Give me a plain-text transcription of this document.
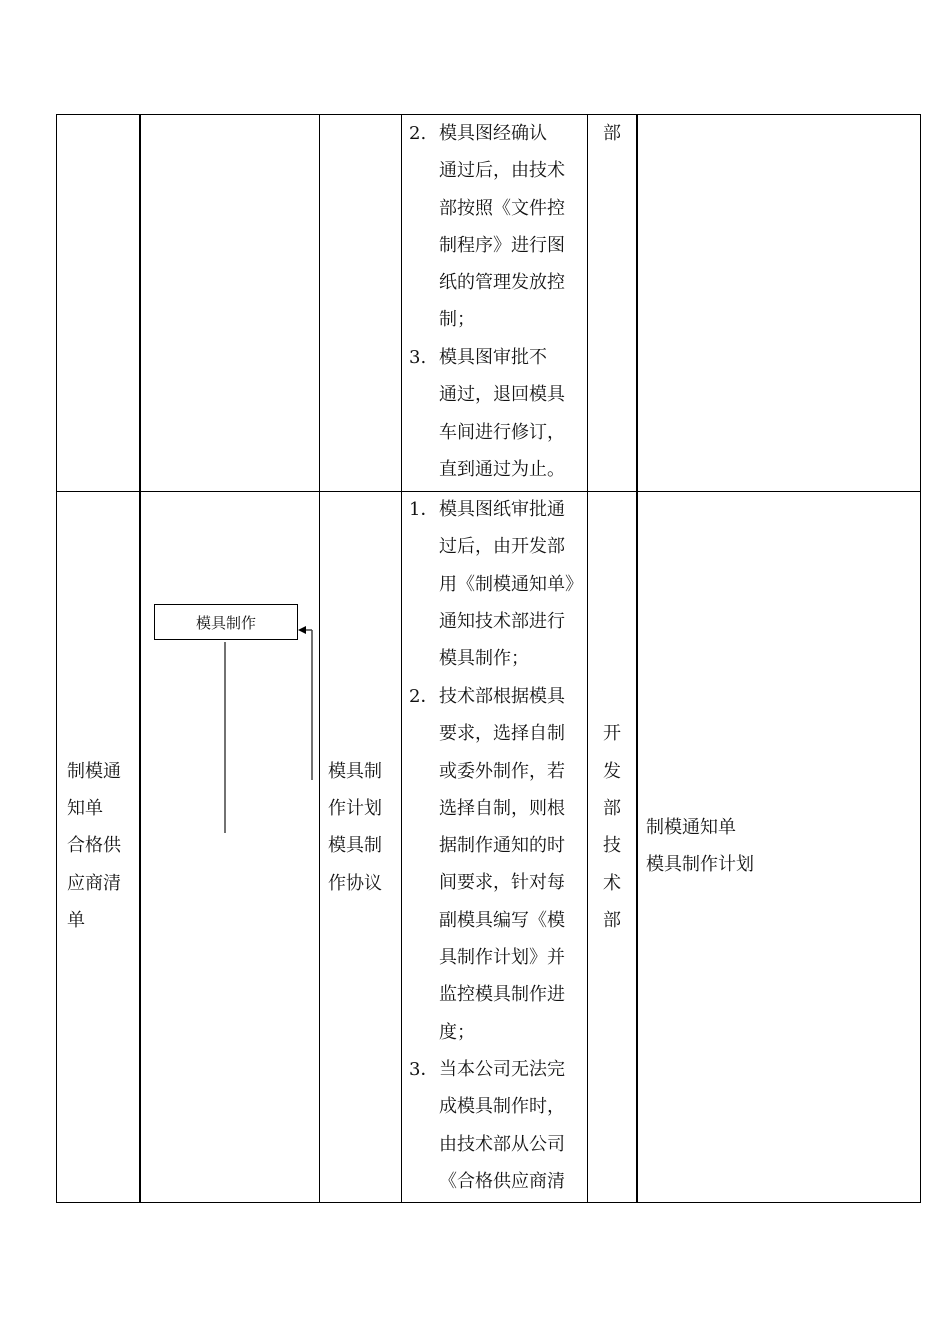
2. 模具图经确认
通过后，由技术
部按照《文件控
制程序》进行图
纸的管理发放控
制；
3. 模具图审批不
通过，退回模具
车间进行修订，
直到通过为止。
部
制模通
知单
合格供
应商清
单
模具制作
模具制
作计划
模具制
作协议
1． 模具图纸审批通
过后，由开发部
用《制模通知单》
通知技术部进行
模具制作；
2． 技术部根据模具
要求，选择自制
或委外制作，若
选择自制，则根
据制作通知的时
间要求，针对每
副模具编写《模
具制作计划》并
监控模具制作进
度；
3． 当本公司无法完
成模具制作时，
由技术部从公司
《合格供应商清
开
发
部
技
术
部
制模通知单
模具制作计划
